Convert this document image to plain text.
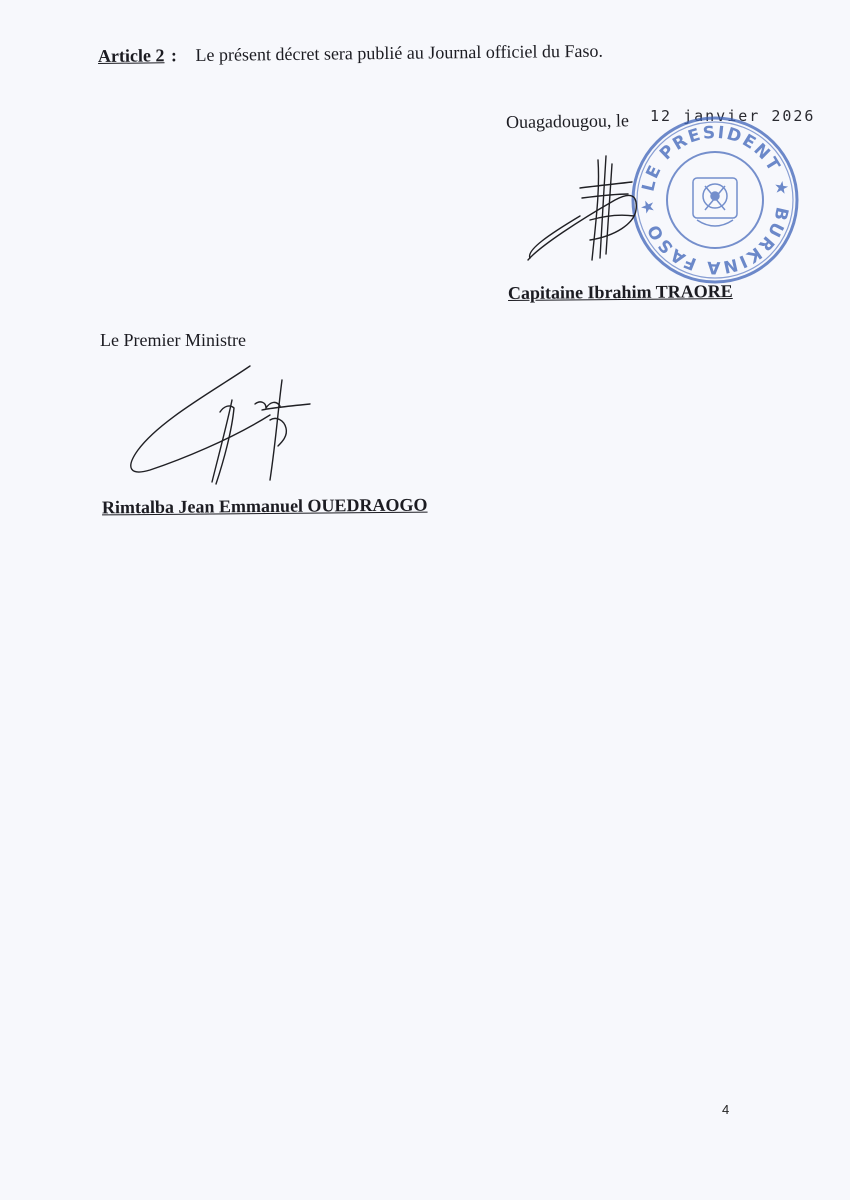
Article 2 : Le présent décret sera publié au Journal officiel du Faso.
Ouagadougou, le 12 janvier 2026
LE PRESIDENT ★ BURKINA FASO ★
Capitaine Ibrahim TRAORE
Le Premier Ministre
Rimtalba Jean Emmanuel OUEDRAOGO
4
